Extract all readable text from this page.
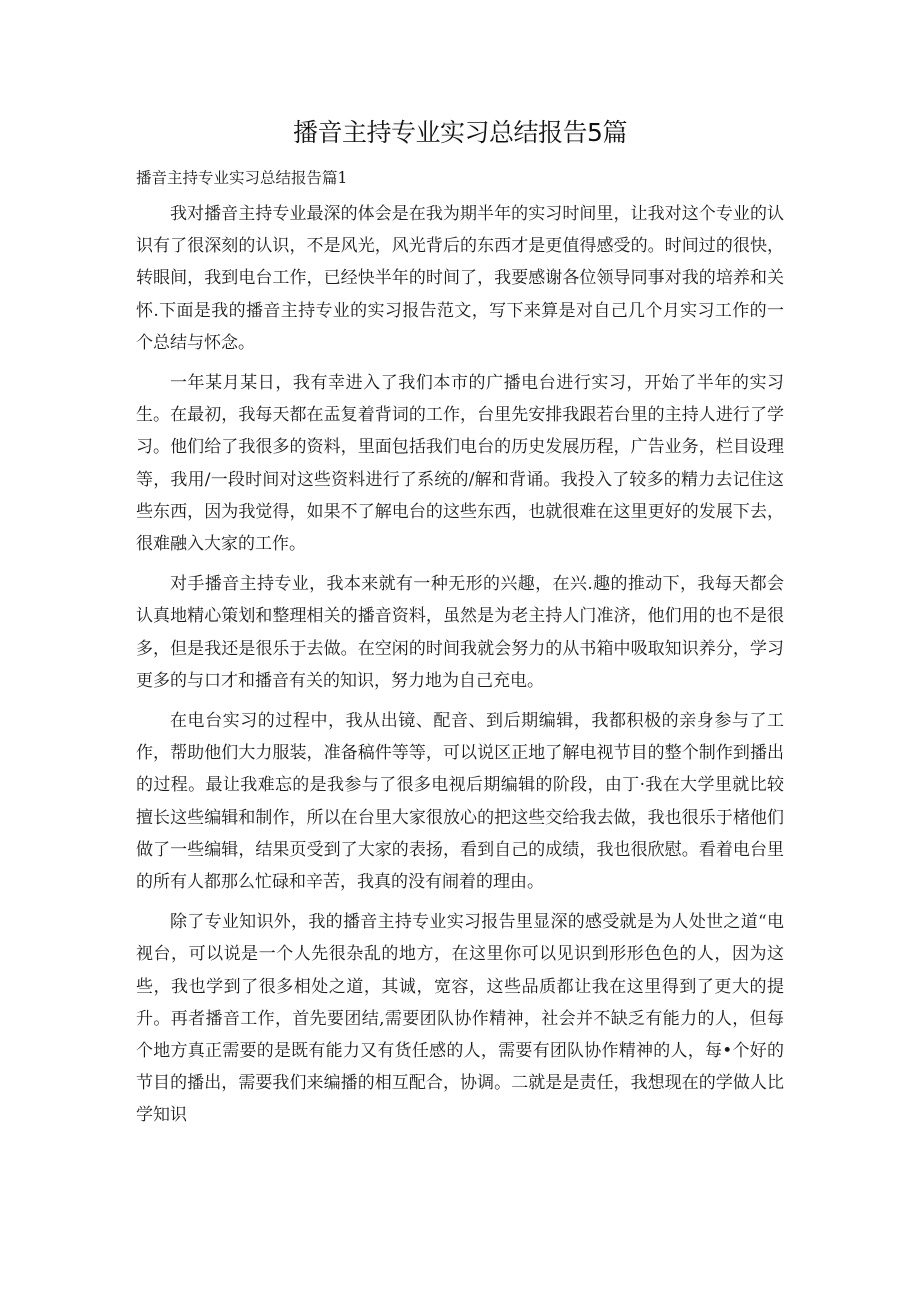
播音主持专业实习总结报告5篇
播音主持专业实习总结报告篇1

我对播音主持专业最深的体会是在我为期半年的实习时间里，让我对这个专业的认识有了很深刻的认识，不是风光，风光背后的东西才是更值得感受的。时间过的很快，转眼间，我到电台工作，已经快半年的时间了，我要感谢各位领导同事对我的培养和关怀.下面是我的播音主持专业的实习报告范文，写下来算是对自己几个月实习工作的一个总结与怀念。

一年某月某日，我有幸进入了我们本市的广播电台进行实习，开始了半年的实习生。在最初，我每天都在盂复着背词的工作，台里先安排我跟若台里的主持人进行了学习。他们给了我很多的资料，里面包括我们电台的历史发展历程，广告业务，栏目设理等，我用/一段时间对这些资料进行了系统的/解和背诵。我投入了较多的精力去记住这些东西，因为我觉得，如果不了解电台的这些东西，也就很难在这里更好的发展下去，很难融入大家的工作。

对手播音主持专业，我本来就有一种无形的兴趣，在兴.趣的推动下，我每天都会认真地精心策划和整理相关的播音资料，虽然是为老主持人门准济，他们用的也不是很多，但是我还是很乐于去做。在空闲的时间我就会努力的从书箱中吸取知识养分，学习更多的与口才和播音有关的知识，努力地为自己充电。

在电台实习的过程中，我从出镜、配音、到后期编辑，我都积极的亲身参与了工作，帮助他们大力服装，准备稿件等等，可以说区正地了解电视节目的整个制作到播出的过程。最让我难忘的是我参与了很多电视后期编辑的阶段，由丁·我在大学里就比较擅长这些编辑和制作，所以在台里大家很放心的把这些交给我去做，我也很乐于楮他们做了一些编辑，结果页受到了大家的表扬，看到自己的成绩，我也很欣慰。看着电台里的所有人都那么忙碌和辛苦，我真的没有闹着的理由。

除了专业知识外，我的播音主持专业实习报告里显深的感受就是为人处世之道“电视台，可以说是一个人先很杂乱的地方，在这里你可以见识到形形色色的人，因为这些，我也学到了很多相处之道，其诚，宽容，这些品质都让我在这里得到了更大的提升。再者播音工作，首先要团结,需要团队协作精神，社会并不缺乏有能力的人，但每个地方真正需要的是既有能力又有货任感的人，需要有团队协作精神的人，每•个好的节目的播出，需要我们来编播的相互配合，协调。二就是是责任，我想现在的学做人比学知识
